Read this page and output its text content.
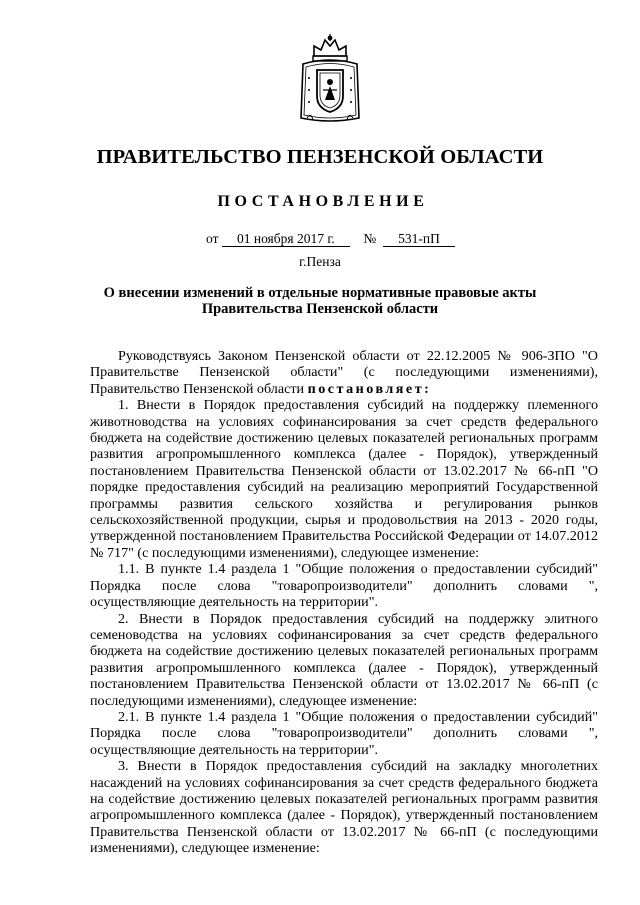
ПРАВИТЕЛЬСТВО ПЕНЗЕНСКОЙ ОБЛАСТИ
ПОСТАНОВЛЕНИЕ
от 01 ноября 2017 г. № 531-пП
г.Пенза
О внесении изменений в отдельные нормативные правовые акты Правительства Пензенской области

Руководствуясь Законом Пензенской области от 22.12.2005 № 906-ЗПО "О Правительстве Пензенской области" (с последующими изменениями), Правительство Пензенской области постановляет:

1. Внести в Порядок предоставления субсидий на поддержку племенного животноводства на условиях софинансирования за счет средств федерального бюджета на содействие достижению целевых показателей региональных программ развития агропромышленного комплекса (далее - Порядок), утвержденный постановлением Правительства Пензенской области от 13.02.2017 № 66-пП "О порядке предоставления субсидий на реализацию мероприятий Государственной программы развития сельского хозяйства и регулирования рынков сельскохозяйственной продукции, сырья и продовольствия на 2013 - 2020 годы, утвержденной постановлением Правительства Российской Федерации от 14.07.2012 № 717" (с последующими изменениями), следующее изменение:

1.1. В пункте 1.4 раздела 1 "Общие положения о предоставлении субсидий" Порядка после слова "товаропроизводители" дополнить словами ", осуществляющие деятельность на территории".

2. Внести в Порядок предоставления субсидий на поддержку элитного семеноводства на условиях софинансирования за счет средств федерального бюджета на содействие достижению целевых показателей региональных программ развития агропромышленного комплекса (далее - Порядок), утвержденный постановлением Правительства Пензенской области от 13.02.2017 № 66-пП (с последующими изменениями), следующее изменение:

2.1. В пункте 1.4 раздела 1 "Общие положения о предоставлении субсидий" Порядка после слова "товаропроизводители" дополнить словами ", осуществляющие деятельность на территории".

3. Внести в Порядок предоставления субсидий на закладку многолетних насаждений на условиях софинансирования за счет средств федерального бюджета на содействие достижению целевых показателей региональных программ развития агропромышленного комплекса (далее - Порядок), утвержденный постановлением Правительства Пензенской области от 13.02.2017 № 66-пП (с последующими изменениями), следующее изменение:
